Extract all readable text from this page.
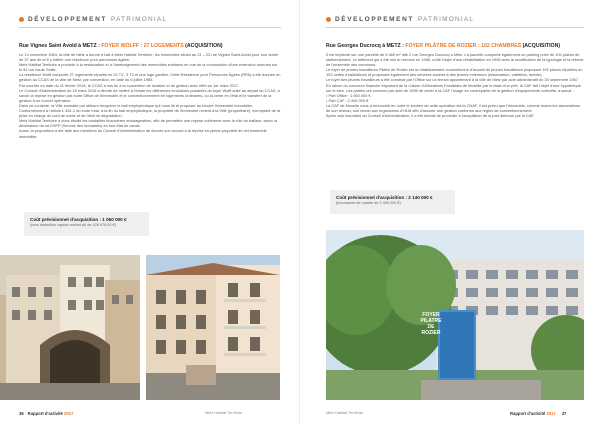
DÉVELOPPEMENT PATRIMONIAL
Rue Vignes Saint Avold à METZ : FOYER WOLFF : 27 LOGEMENTS (ACQUISITION)

Le 14 novembre 1984, la ville de Metz a donné à bail à Metz Habitat Territoire, les immeubles situés au 21 – 23 rue Vignes Saint-Avold pour une durée de 37 ans dit et 6 y édifier une résidence pour personnes âgées.

Metz Habitat Territoire a procédé à la restauration et à l'aménagement des immeubles existants en vue de la construction d'une extension donnant sur le 52 rue haute Seille.

La résidence Wolff comporte 27 logements répartis en 24 T1', 3 T2 et une loge gardien. Cette Résidence pour Personnes Âgées (RPA) a été donnée en gestion au CCAS de la ville de Metz, par convention, en date du 6 juillet 1985.

Par courrier en date du 11 février 2016, le CCAS a mis fin à la convention de location et de gestion avec effet au 1er mars 2017.

Le Conseil d'Administration du 15 mars 2016 a décidé de mettre à l'étude les différentes évolutions possibles du foyer Wolff suite au départ du CCAS, à savoir la reprise en gestion par notre Office de l'immeuble et le conventionnement en logements ordinaires, ou la vente en l'état et le transfert de la gestion à un nouvel opérateur.

Dans ce contexte, la Ville souhaite par ailleurs récupérer le bail emphytéotique qui nous lie et proposer au foncier l'ensemble immobilier.

Conformément à l'article L 451-1 du code rural, à la fin du bail emphytéotique, la propriété de l'immeuble revient à la Ville (propriétaire), exemptant de la prise en charge du coût de sortie et de l'état de dégradation.

Metz Habitat Territoire a donc étudié les modalités financières envisageables, afin de permettre une reprise cohérente avec le rôle du bailleur, selon la déclinaison de sa DSFP (Service des domaines) en tout état de cause.

Aussi, la proposition a été faite aux membres du Conseil d'Administration de donner son accord à la reprise en pleine propriété de cet ensemble immobilier.

Coût prévisionnel d'acquisition : 1 060 000 €
(hors déduction capital restant dû de 428 976,00 €)
36 Rapport d'activité 2017	Metz Habitat Territoire
DÉVELOPPEMENT PATRIMONIAL
Rue Georges Ducrocq à METZ : FOYER PILÂTRE DE ROZIER : 102 CHAMBRES (ACQUISITION)

Il est implanté sur une parcelle de 9 460 m² dite 2 rue Georges Ducrocq à Metz. La parcelle comporte également un parking privé de 100 places de stationnement. Le bâtiment qui a été mis en service en 1966, a fait l'objet d'une réhabilitation en 1995 avec la modification de la typologie et la refonte de l'ensemble des communs.

Le foyer de jeunes travailleurs Pilâtre de Rozier est un établissement conventionné d'accueil de jeunes travailleurs proposant 102 places réparties en 102 unités d'habitations et proposant également des services ouverts à des jeunes extérieurs (restauration, cafétéria, laverie).

Le foyer des jeunes travailleurs a été construit par l'Office sur un terrain appartenant à la ville de Metz par acte administratif du 30 septembre 1967.

En raison du concours financier important de la Caisse d'Allocations Familiales de Moselle par le biais d'un prêt, la CAF fait l'objet d'une hypothèque sur le bien. Les parties ont convenu par acte de 1998 de céder à la CAF l'usage en contrepartie de la gestion d'équipements collectifs, à savoir :

• Part Office : 1 060 000 €

• Part CAF : 2 400 000 €

La CAF de Moselle nous a renouvelé en outre le soutien de cette opération via la CNAF, il est prévu que l'immeuble, comme toutes les associations de son réseau, soit vendu aux organismes d'HLM afin d'assurer une gestion conforme aux règles de conventionnement.

Après avis favorable du Conseil d'Administration, il a été décidé de procéder à l'acquisition de la part détenue par la CAF.

Coût prévisionnel d'acquisition : 2 140 000 €
(honoraires de notaire de 2 400 000 €)
FOYER
PILATRE
DE
ROZIER
Metz Habitat Territoire	Rapport d'activité 2017 37
